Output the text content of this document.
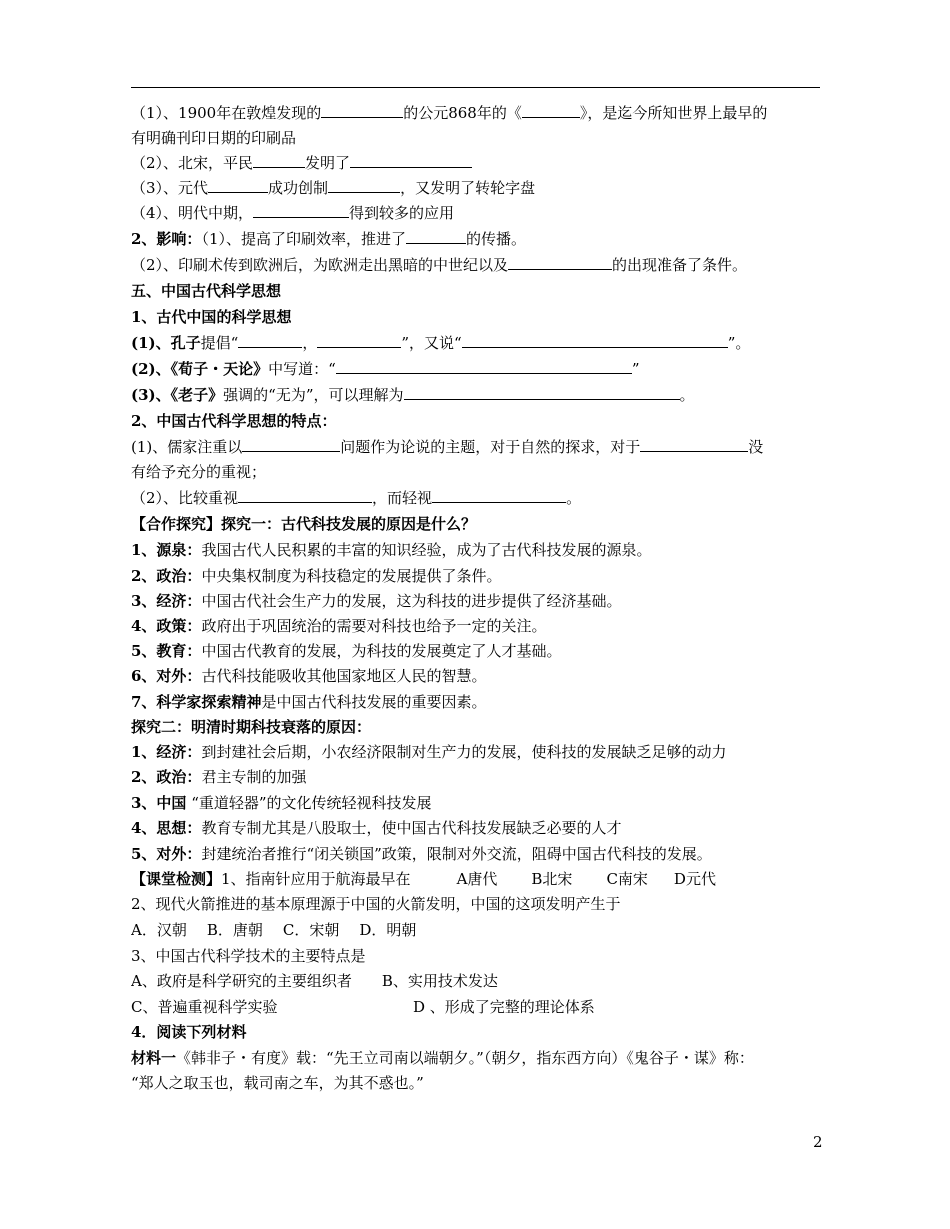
（1）、1900年在敦煌发现的	的公元868年的《	》，是迄今所知世界上最早的
有明确刊印日期的印刷品
（2）、北宋，平民	发明了
（3）、元代	成功创制	，又发明了转轮字盘
（4）、明代中期，	得到较多的应用
2、影响：（1）、提高了印刷效率，推进了	的传播。
（2）、印刷术传到欧洲后，为欧洲走出黑暗的中世纪以及	的出现准备了条件。
五、中国古代科学思想
1、古代中国的科学思想
(1)、孔子提倡“	，	”，又说“	”。
(2)、《荀子・天论》中写道：“	”
(3)、《老子》强调的“无为”，可以理解为	。
2、中国古代科学思想的特点：
(1)、儒家注重以	问题作为论说的主题，对于自然的探求，对于	没
有给予充分的重视；
（2）、比较重视	，而轻视	。
【合作探究】探究一：古代科技发展的原因是什么？
1、源泉：我国古代人民积累的丰富的知识经验，成为了古代科技发展的源泉。
2、政治：中央集权制度为科技稳定的发展提供了条件。
3、经济：中国古代社会生产力的发展，这为科技的进步提供了经济基础。
4、政策：政府出于巩固统治的需要对科技也给予一定的关注。
5、教育：中国古代教育的发展，为科技的发展奠定了人才基础。
6、对外：古代科技能吸收其他国家地区人民的智慧。
7、科学家探索精神是中国古代科技发展的重要因素。
探究二：明清时期科技衰落的原因：
1、经济：到封建社会后期，小农经济限制对生产力的发展，使科技的发展缺乏足够的动力
2、政治：君主专制的加强
3、中国 “重道轻器”的文化传统轻视科技发展
4、思想：教育专制尤其是八股取士，使中国古代科技发展缺乏必要的人才
5、对外：封建统治者推行“闭关锁国”政策，限制对外交流，阻碍中国古代科技的发展。
【课堂检测】1、指南针应用于航海最早在	A唐代 B北宋 C南宋 D元代
2、现代火箭推进的基本原理源于中国的火箭发明，中国的这项发明产生于
A．汉朝 B．唐朝 C．宋朝 D．明朝
3、中国古代科学技术的主要特点是
A、政府是科学研究的主要组织者 B、实用技术发达
C、普遍重视科学实验	D 、形成了完整的理论体系
4．阅读下列材料
材料一《韩非子・有度》载：“先王立司南以端朝夕。”（朝夕，指东西方向）《鬼谷子・谋》称：
“郑人之取玉也，载司南之车，为其不惑也。”
2
